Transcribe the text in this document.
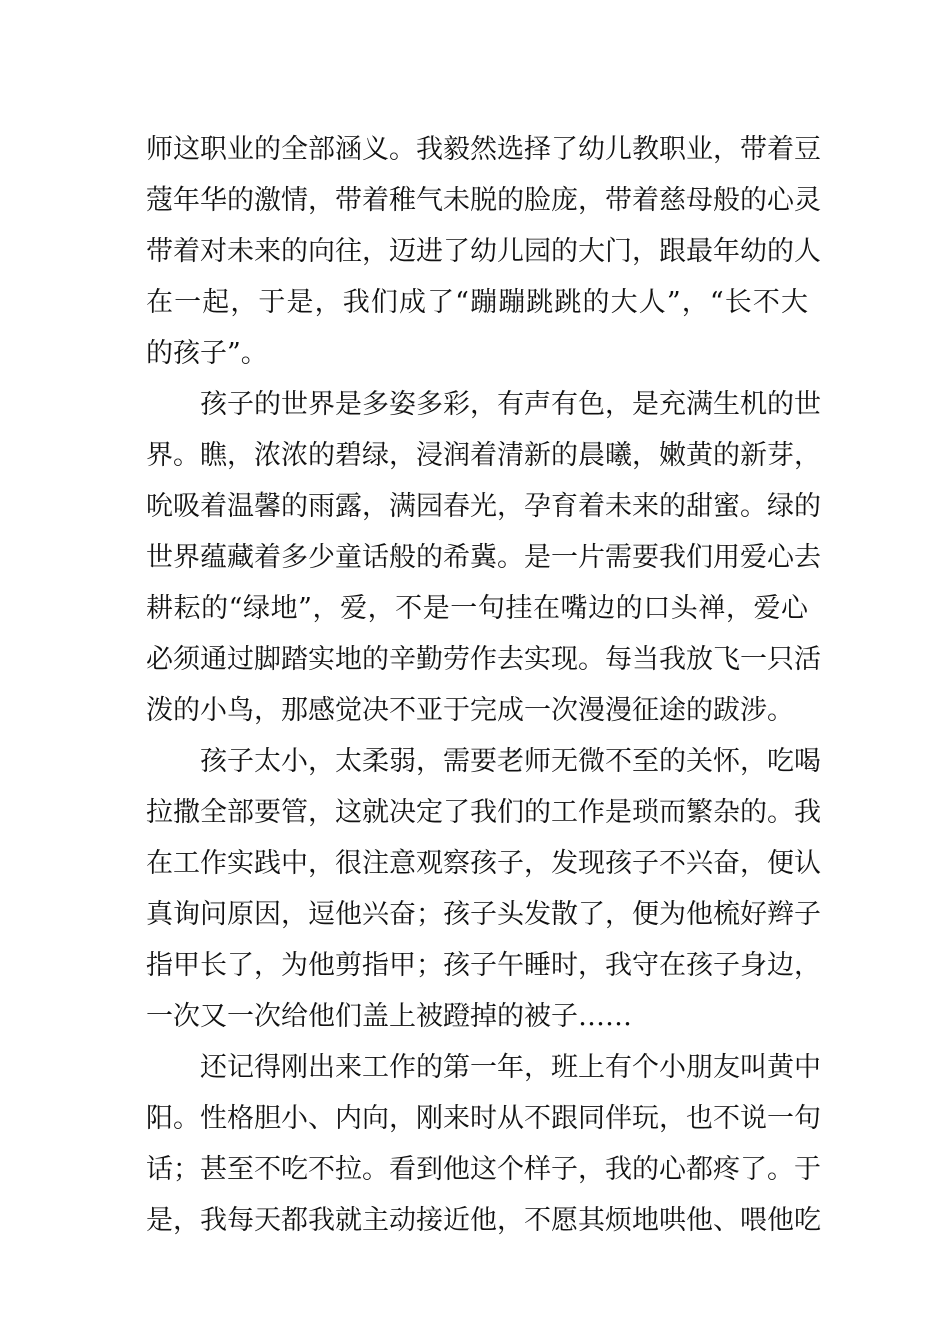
师这职业的全部涵义。我毅然选择了幼儿教职业，带着豆
蔻年华的激情，带着稚气未脱的脸庞，带着慈母般的心灵
带着对未来的向往，迈进了幼儿园的大门，跟最年幼的人
在一起，于是，我们成了“蹦蹦跳跳的大人”，“长不大
的孩子”。
孩子的世界是多姿多彩，有声有色，是充满生机的世
界。瞧，浓浓的碧绿，浸润着清新的晨曦，嫩黄的新芽，
吮吸着温馨的雨露，满园春光，孕育着未来的甜蜜。绿的
世界蕴藏着多少童话般的希冀。是一片需要我们用爱心去
耕耘的“绿地”，爱，不是一句挂在嘴边的口头禅，爱心
必须通过脚踏实地的辛勤劳作去实现。每当我放飞一只活
泼的小鸟，那感觉决不亚于完成一次漫漫征途的跋涉。
孩子太小，太柔弱，需要老师无微不至的关怀，吃喝
拉撒全部要管，这就决定了我们的工作是琐而繁杂的。我
在工作实践中，很注意观察孩子，发现孩子不兴奋，便认
真询问原因，逗他兴奋；孩子头发散了，便为他梳好辫子
指甲长了，为他剪指甲；孩子午睡时，我守在孩子身边，
一次又一次给他们盖上被蹬掉的被子……
还记得刚出来工作的第一年，班上有个小朋友叫黄中
阳。性格胆小、内向，刚来时从不跟同伴玩，也不说一句
话；甚至不吃不拉。看到他这个样子，我的心都疼了。于
是，我每天都我就主动接近他，不愿其烦地哄他、喂他吃
